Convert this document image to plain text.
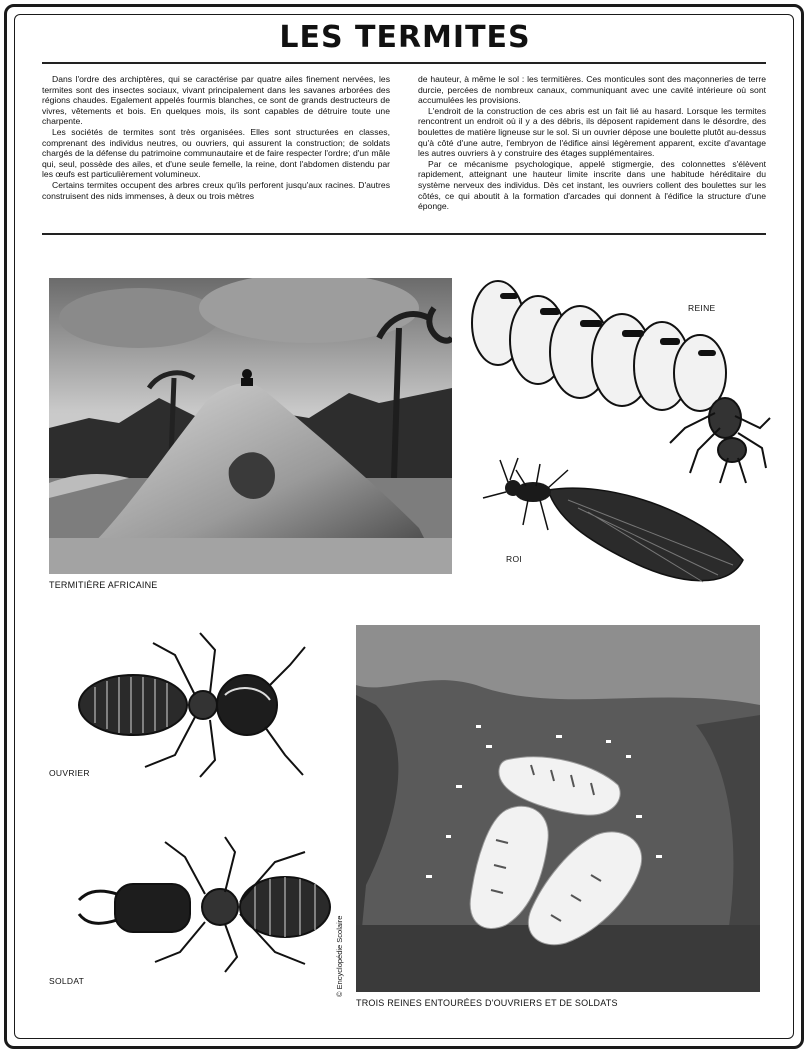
LES TERMITES

Dans l'ordre des archiptères, qui se caractérise par quatre ailes finement nervées, les termites sont des insectes sociaux, vivant principalement dans les savanes arborées des régions chaudes. Egalement appelés fourmis blanches, ce sont de grands destructeurs de vivres, vêtements et bois. En quelques mois, ils sont capables de détruire toute une charpente.

Les sociétés de termites sont très organisées. Elles sont structurées en classes, comprenant des individus neutres, ou ouvriers, qui assurent la construction; de soldats chargés de la défense du patrimoine communautaire et de faire respecter l'ordre; d'un mâle qui, seul, possède des ailes, et d'une seule femelle, la reine, dont l'abdomen distendu par les œufs est particulièrement volumineux.

Certains termites occupent des arbres creux qu'ils perforent jusqu'aux racines. D'autres construisent des nids immenses, à deux ou trois mètres

de hauteur, à même le sol : les termitières. Ces monticules sont des maçonneries de terre durcie, percées de nombreux canaux, communiquant avec une cavité intérieure où sont accumulées les provisions.

L'endroit de la construction de ces abris est un fait lié au hasard. Lorsque les termites rencontrent un endroit où il y a des débris, ils déposent rapidement dans le désordre, des boulettes de matière ligneuse sur le sol. Si un ouvrier dépose une boulette plutôt au-dessus qu'à côté d'une autre, l'embryon de l'édifice ainsi légèrement apparent, excite d'avantage les autres ouvriers à y construire des étages supplémentaires.

Par ce mécanisme psychologique, appelé stigmergie, des colonnettes s'élèvent rapidement, atteignant une hauteur limite inscrite dans une habitude héréditaire du système nerveux des individus. Dès cet instant, les ouvriers collent des boulettes sur les côtés, ce qui aboutit à la formation d'arcades qui donnent à l'édifice la structure d'une éponge.

TERMITIÈRE AFRICAINE
REINE
ROI
OUVRIER
SOLDAT	© Encyclopédie Scolaire
TROIS REINES ENTOURÉES D'OUVRIERS ET DE SOLDATS
